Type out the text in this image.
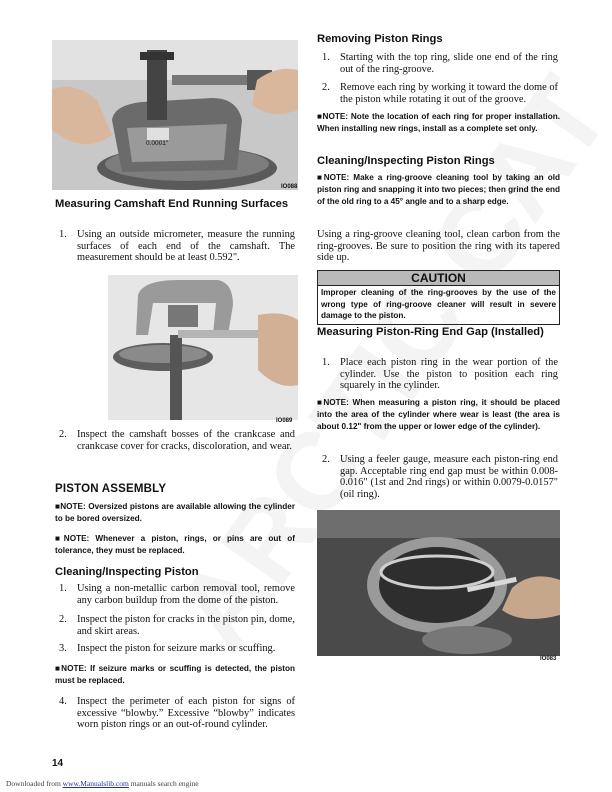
IO088
0.0001"
Measuring Camshaft End Running Surfaces
1. Using an outside micrometer, measure the running surfaces of each end of the camshaft. The measurement should be at least 0.592".
IO089
2. Inspect the camshaft bosses of the crankcase and crankcase cover for cracks, discoloration, and wear.
PISTON ASSEMBLY

■NOTE: Oversized pistons are available allowing the cylinder to be bored oversized.

■NOTE: Whenever a piston, rings, or pins are out of tolerance, they must be replaced.

Cleaning/Inspecting Piston
1. Using a non-metallic carbon removal tool, remove any carbon buildup from the dome of the piston.
2. Inspect the piston for cracks in the piston pin, dome, and skirt areas.
3. Inspect the piston for seizure marks or scuffing.

■NOTE: If seizure marks or scuffing is detected, the piston must be replaced.

4. Inspect the perimeter of each piston for signs of excessive “blowby.” Excessive “blowby” indicates worn piston rings or an out-of-round cylinder.
Removing Piston Rings
1. Starting with the top ring, slide one end of the ring out of the ring-groove.
2. Remove each ring by working it toward the dome of the piston while rotating it out of the groove.

■NOTE: Note the location of each ring for proper installation. When installing new rings, install as a complete set only.

Cleaning/Inspecting Piston Rings

■NOTE: Make a ring-groove cleaning tool by taking an old piston ring and snapping it into two pieces; then grind the end of the old ring to a 45° angle and to a sharp edge.

Using a ring-groove cleaning tool, clean carbon from the ring-grooves. Be sure to position the ring with its tapered side up.

CAUTION
Improper cleaning of the ring-grooves by the use of the wrong type of ring-groove cleaner will result in severe damage to the piston.
Measuring Piston-Ring End Gap (Installed)
1. Place each piston ring in the wear portion of the cylinder. Use the piston to position each ring squarely in the cylinder.

■NOTE: When measuring a piston ring, it should be placed into the area of the cylinder where wear is least (the area is about 0.12" from the upper or lower edge of the cylinder).

2. Using a feeler gauge, measure each piston-ring end gap. Acceptable ring end gap must be within 0.008-0.016" (1st and 2nd rings) or within 0.0079-0.0157" (oil ring).
IO083
14
Downloaded from www.Manualslib.com manuals search engine
